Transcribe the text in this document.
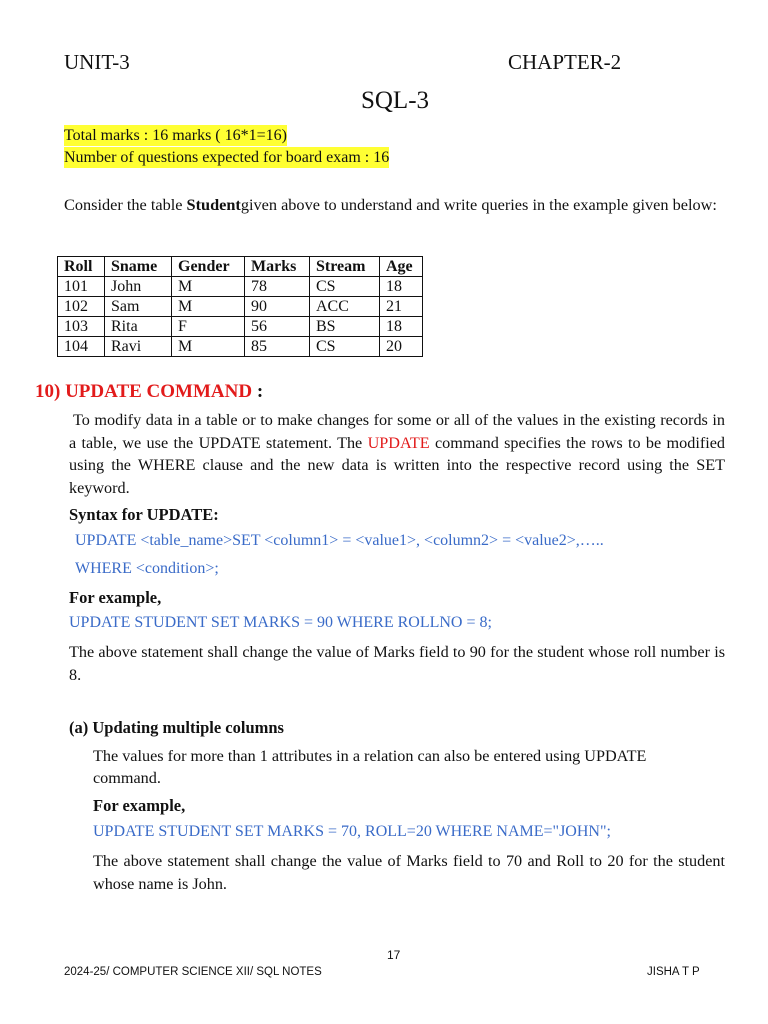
UNIT-3	CHAPTER-2
SQL-3
Total marks : 16 marks ( 16*1=16)
Number of questions expected for board exam : 16
Consider the table Studentgiven above to understand and write queries in the example given below:
Roll	Sname	Gender	Marks	Stream	Age
101	John	M	78	CS	18
102	Sam	M	90	ACC	21
103	Rita	F	56	BS	18
104	Ravi	M	85	CS	20
10) UPDATE COMMAND :
To modify data in a table or to make changes for some or all of the values in the existing records in a table, we use the UPDATE statement. The UPDATE command specifies the rows to be modified using the WHERE clause and the new data is written into the respective record using the SET keyword.
Syntax for UPDATE:
UPDATE <table_name>SET <column1> = <value1>, <column2> = <value2>,…..
WHERE <condition>;
For example,
UPDATE STUDENT SET MARKS = 90 WHERE ROLLNO = 8;
The above statement shall change the value of Marks field to 90 for the student whose roll number is 8.
(a) Updating multiple columns
The values for more than 1 attributes in a relation can also be entered using UPDATE command.
For example,
UPDATE STUDENT SET MARKS = 70, ROLL=20 WHERE NAME="JOHN";
The above statement shall change the value of Marks field to 70 and Roll to 20 for the student whose name is John.
17
2024-25/ COMPUTER SCIENCE XII/ SQL NOTES	JISHA T P
